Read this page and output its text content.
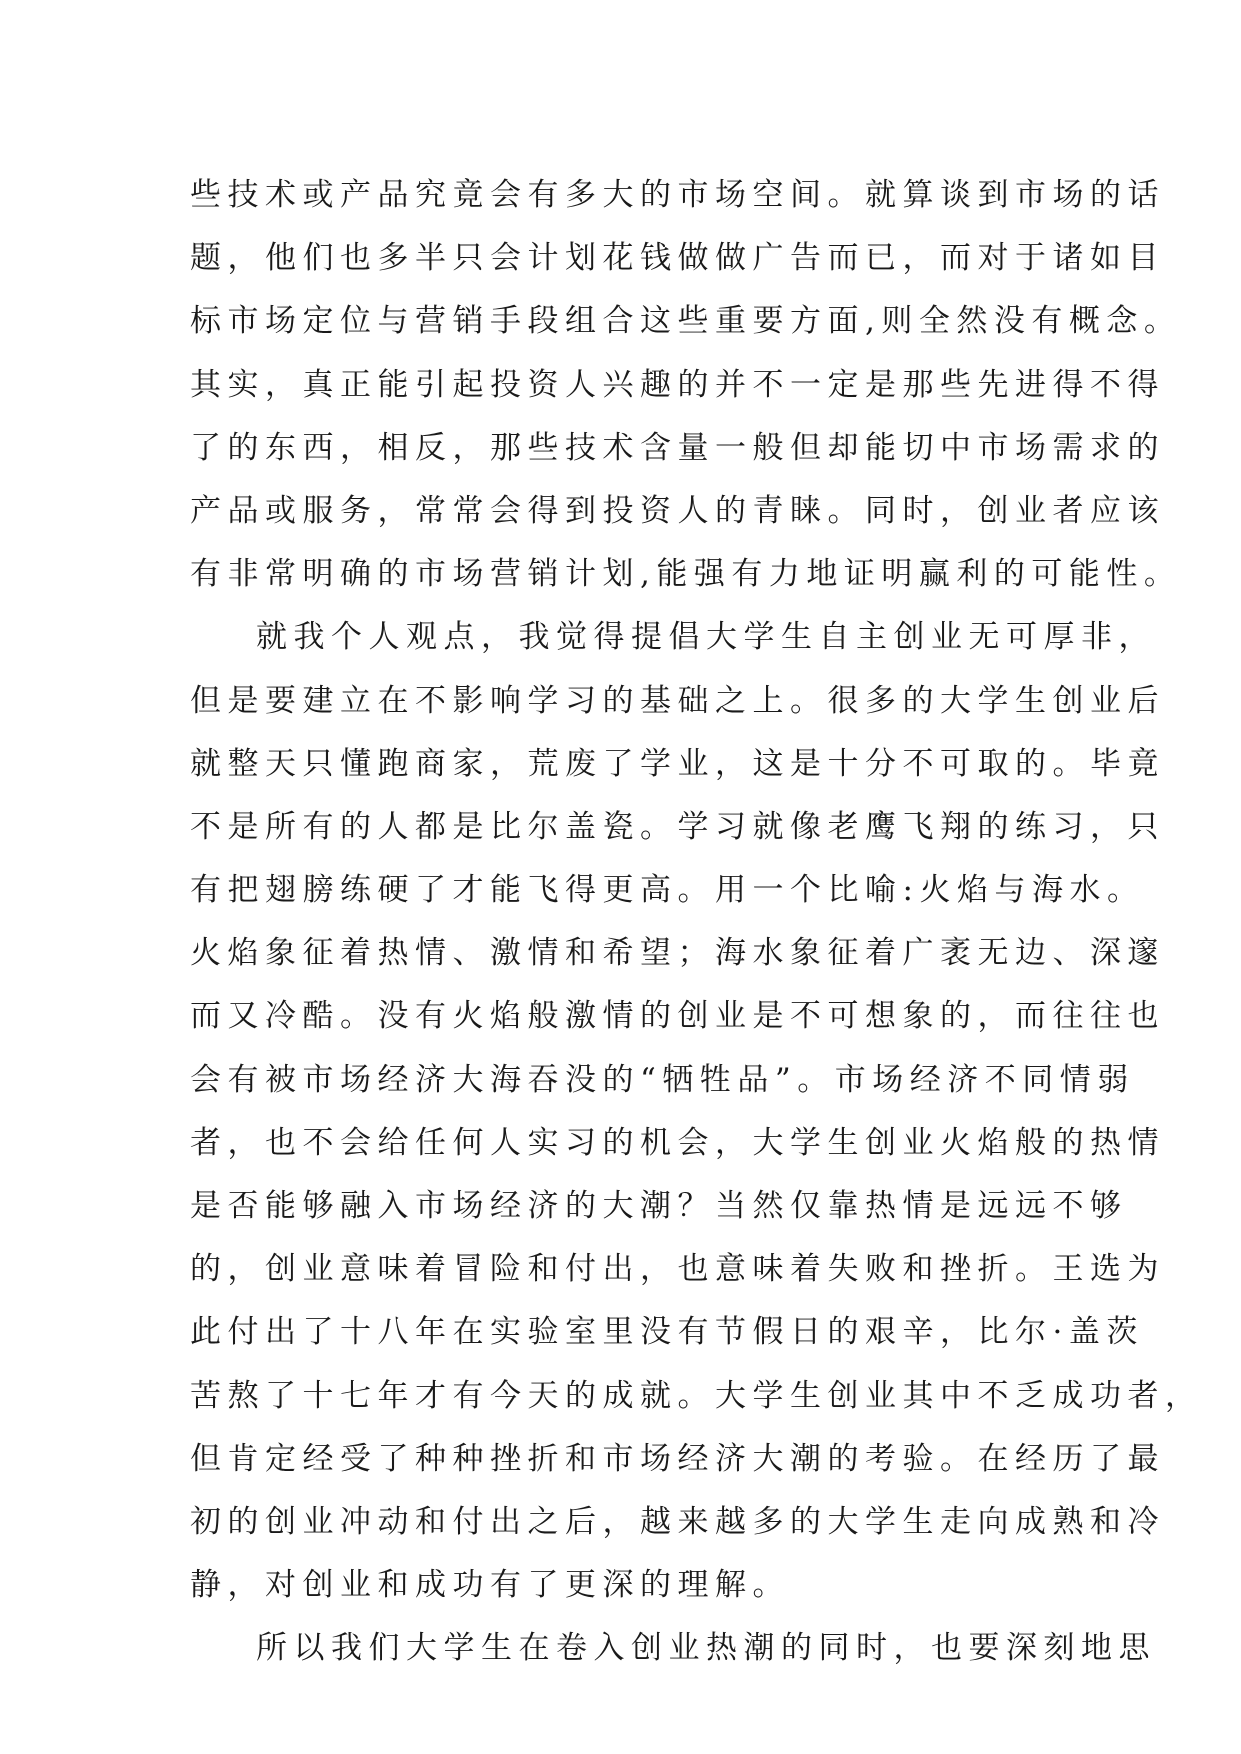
些技术或产品究竟会有多大的市场空间。就算谈到市场的话
题，他们也多半只会计划花钱做做广告而已，而对于诸如目
标市场定位与营销手段组合这些重要方面,则全然没有概念。
其实，真正能引起投资人兴趣的并不一定是那些先进得不得
了的东西，相反，那些技术含量一般但却能切中市场需求的
产品或服务，常常会得到投资人的青睐。同时，创业者应该
有非常明确的市场营销计划,能强有力地证明赢利的可能性。
就我个人观点，我觉得提倡大学生自主创业无可厚非，
但是要建立在不影响学习的基础之上。很多的大学生创业后
就整天只懂跑商家，荒废了学业，这是十分不可取的。毕竟
不是所有的人都是比尔盖瓷。学习就像老鹰飞翔的练习，只
有把翅膀练硬了才能飞得更高。用一个比喻:火焰与海水。
火焰象征着热情、激情和希望；海水象征着广袤无边、深邃
而又冷酷。没有火焰般激情的创业是不可想象的，而往往也
会有被市场经济大海吞没的“牺牲品”。市场经济不同情弱
者，也不会给任何人实习的机会，大学生创业火焰般的热情
是否能够融入市场经济的大潮？当然仅靠热情是远远不够
的，创业意味着冒险和付出，也意味着失败和挫折。王选为
此付出了十八年在实验室里没有节假日的艰辛，比尔·盖茨
苦熬了十七年才有今天的成就。大学生创业其中不乏成功者，
但肯定经受了种种挫折和市场经济大潮的考验。在经历了最
初的创业冲动和付出之后，越来越多的大学生走向成熟和冷
静，对创业和成功有了更深的理解。
所以我们大学生在卷入创业热潮的同时，也要深刻地思
